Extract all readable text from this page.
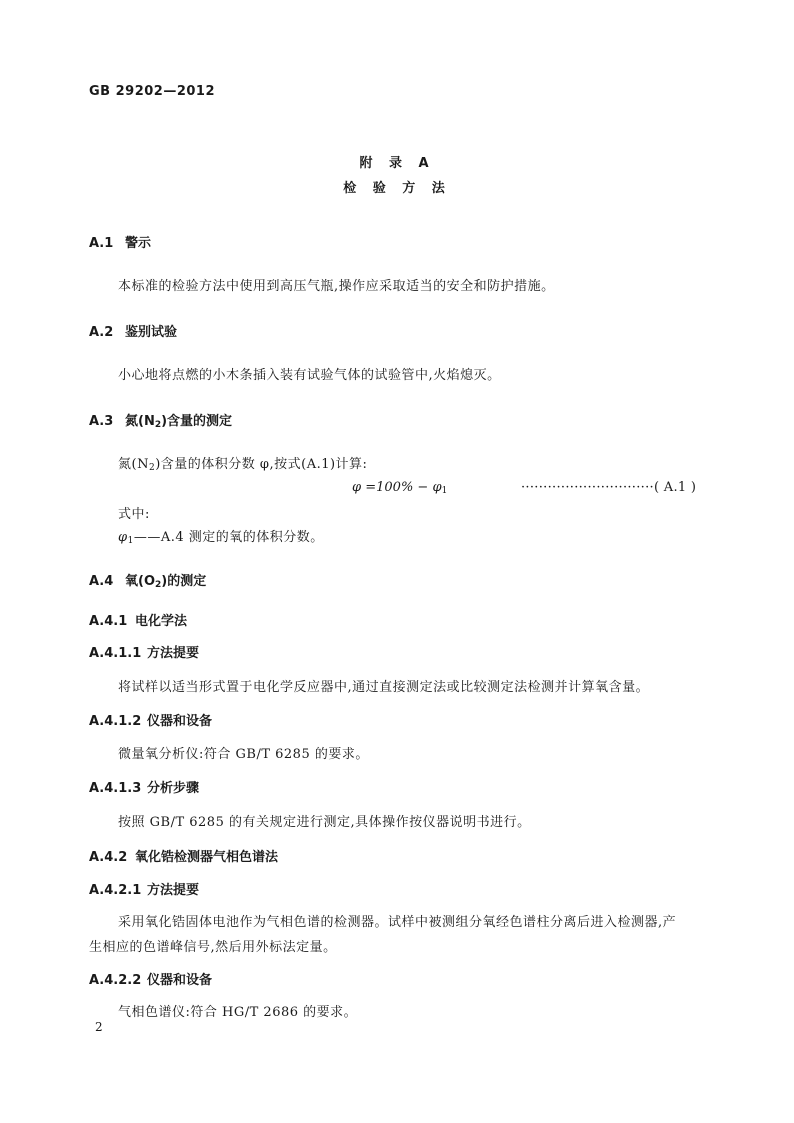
GB 29202—2012
附 录 A
检 验 方 法
A.1 警示
本标准的检验方法中使用到高压气瓶,操作应采取适当的安全和防护措施。
A.2 鉴别试验
小心地将点燃的小木条插入装有试验气体的试验管中,火焰熄灭。
A.3 氮$(N_2)$含量的测定
氮$(N_2)$含量的体积分数 φ,按式(A.1)计算:
$\varphi =100\% - \varphi_1$	······························( A.1 )
式中:
$\varphi_1——A.4$ 测定的氧的体积分数。
A.4 氧$(O_2)$的测定
A.4.1 电化学法
A.4.1.1 方法提要
将试样以适当形式置于电化学反应器中,通过直接测定法或比较测定法检测并计算氧含量。
A.4.1.2 仪器和设备
微量氧分析仪:符合 GB/T 6285 的要求。
A.4.1.3 分析步骤
按照 GB/T 6285 的有关规定进行测定,具体操作按仪器说明书进行。
A.4.2 氧化锆检测器气相色谱法
A.4.2.1 方法提要
采用氧化锆固体电池作为气相色谱的检测器。试样中被测组分氧经色谱柱分离后进入检测器,产
生相应的色谱峰信号,然后用外标法定量。
A.4.2.2 仪器和设备
气相色谱仪:符合 HG/T 2686 的要求。
2
